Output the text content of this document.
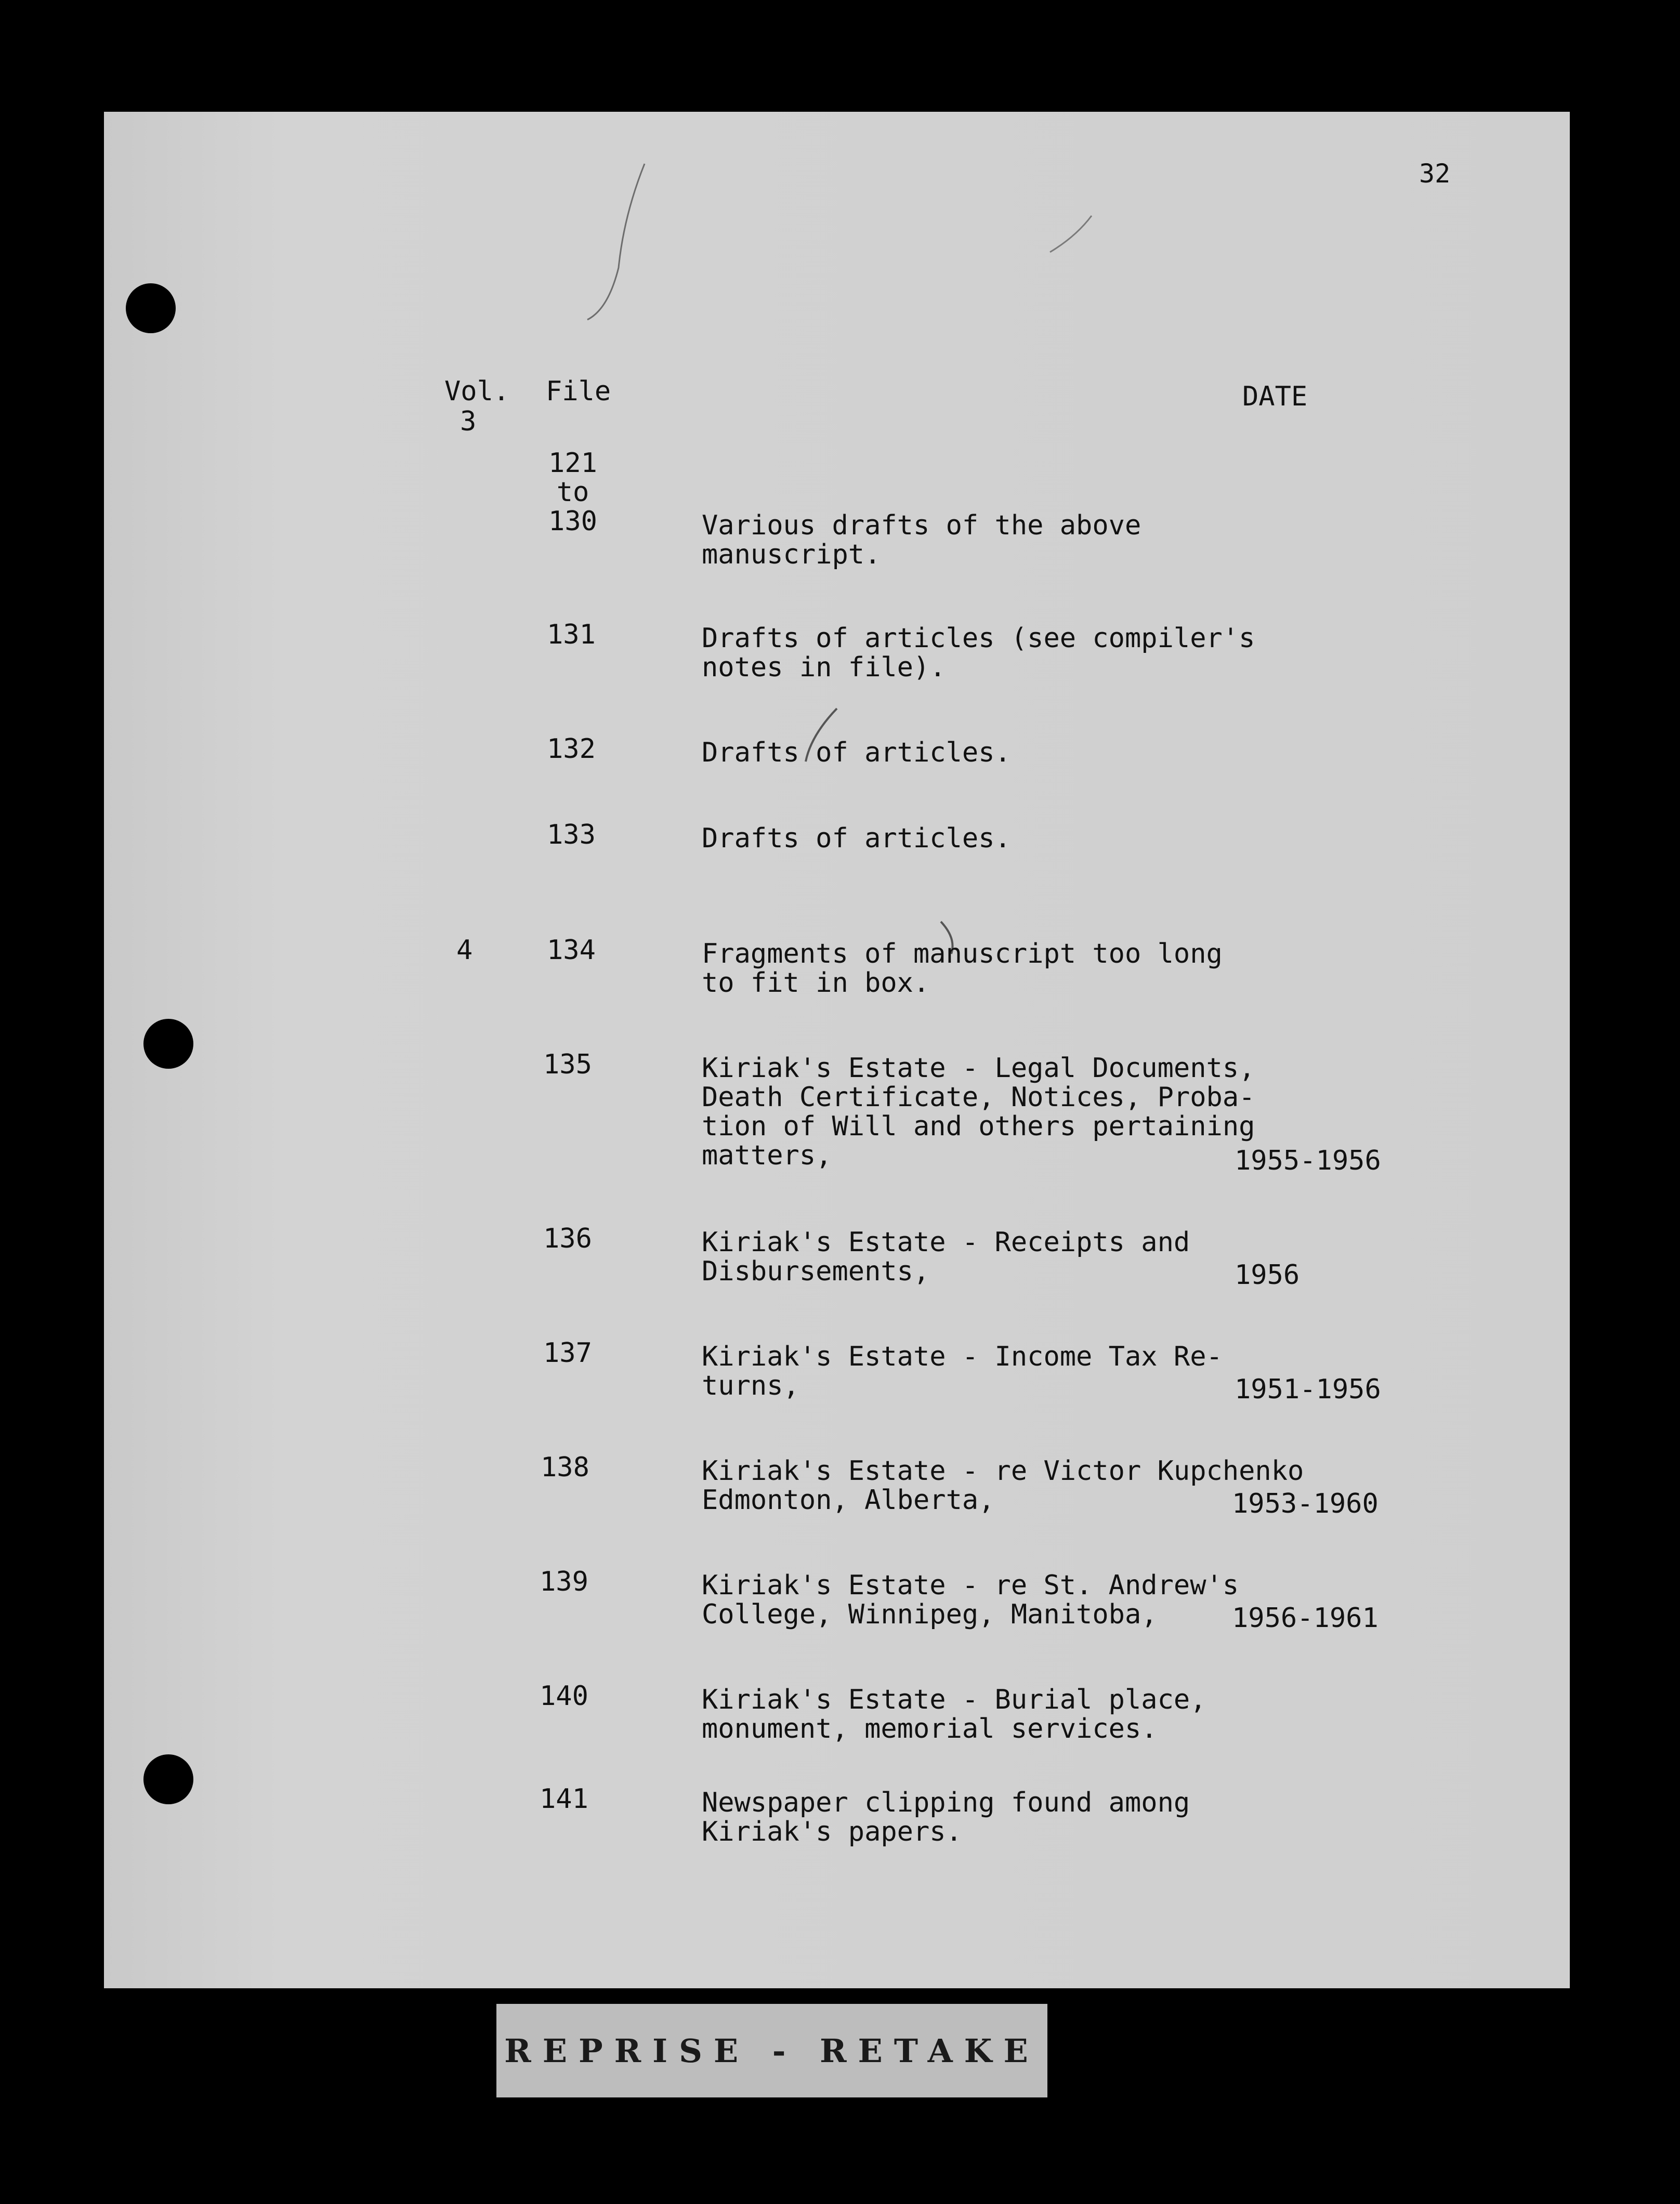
32
Vol. File	DATE
3
121
to
130	Various drafts of the above
manuscript.
131	Drafts of articles (see compiler's
notes in file).
132	Drafts of articles.
133	Drafts of articles.
4	134	Fragments of manuscript too long
to fit in box.
135	Kiriak's Estate - Legal Documents,
Death Certificate, Notices, Proba-
tion of Will and others pertaining
matters,	1955-1956
136	Kiriak's Estate - Receipts and
Disbursements,	1956
137	Kiriak's Estate - Income Tax Re-
turns,	1951-1956
138	Kiriak's Estate - re Victor Kupchenko
Edmonton, Alberta,	1953-1960
139	Kiriak's Estate - re St. Andrew's
College, Winnipeg, Manitoba,	1956-1961
140	Kiriak's Estate - Burial place,
monument, memorial services.
141	Newspaper clipping found among
Kiriak's papers.
REPRISE - RETAKE
